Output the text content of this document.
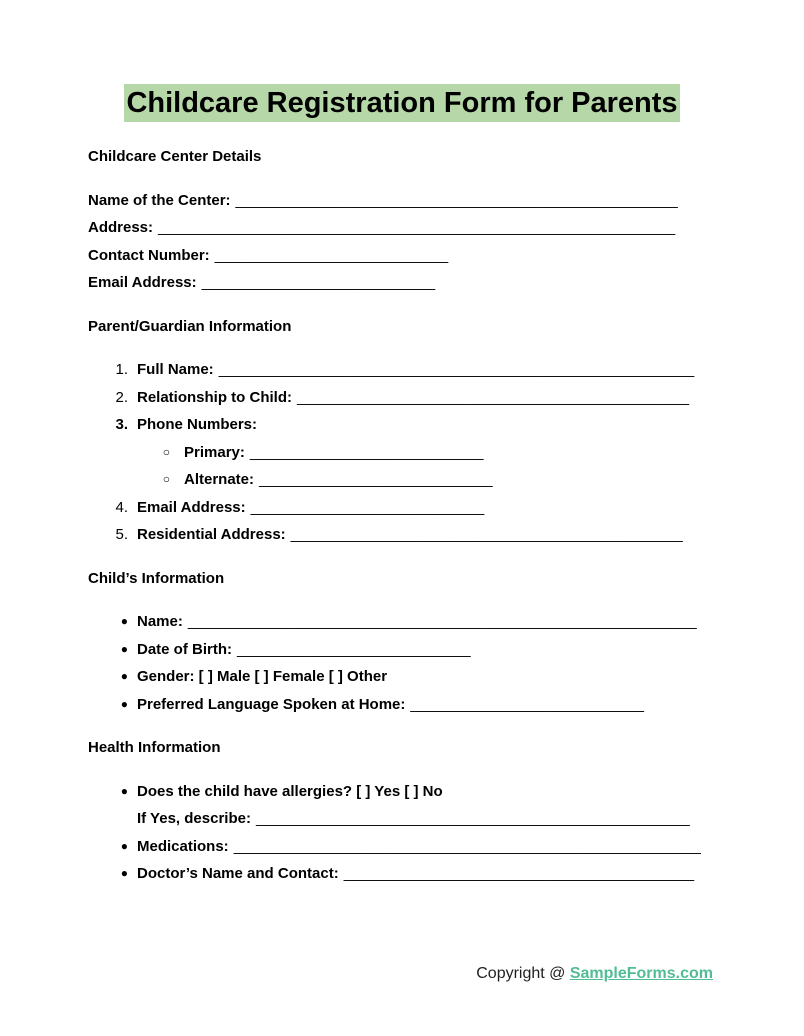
Childcare Registration Form for Parents

Childcare Center Details

Name of the Center: _____________________________________________________

Address: ______________________________________________________________

Contact Number: ____________________________

Email Address: ____________________________

Parent/Guardian Information

1. Full Name: _________________________________________________________

2. Relationship to Child: _______________________________________________

3. Phone Numbers:

○ Primary: ____________________________

○ Alternate: ____________________________

4. Email Address: ____________________________

5. Residential Address: _______________________________________________

Child’s Information

● Name: _____________________________________________________________

● Date of Birth: ____________________________

● Gender: [ ] Male [ ] Female [ ] Other

● Preferred Language Spoken at Home: ____________________________

Health Information

● Does the child have allergies? [ ] Yes [ ] No

If Yes, describe: ____________________________________________________

● Medications: ________________________________________________________

● Doctor’s Name and Contact: __________________________________________

Copyright @ SampleForms.com
